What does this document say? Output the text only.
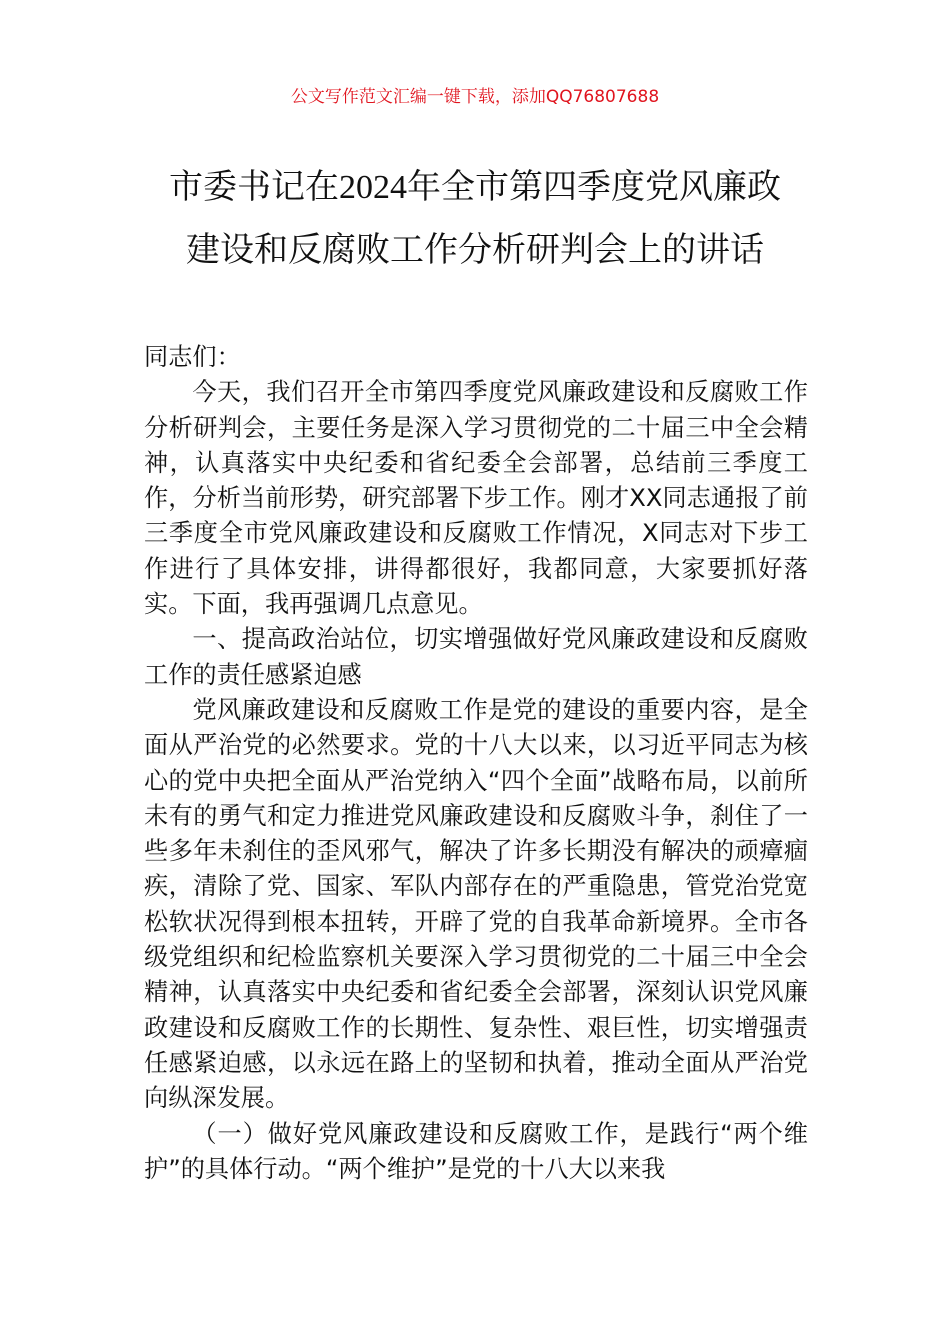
公文写作范文汇编一键下载，添加QQ76807688
市委书记在2024年全市第四季度党风廉政
建设和反腐败工作分析研判会上的讲话

同志们：

今天，我们召开全市第四季度党风廉政建设和反腐败工作分析研判会，主要任务是深入学习贯彻党的二十届三中全会精神，认真落实中央纪委和省纪委全会部署，总结前三季度工作，分析当前形势，研究部署下步工作。刚才XX同志通报了前三季度全市党风廉政建设和反腐败工作情况，X同志对下步工作进行了具体安排，讲得都很好，我都同意，大家要抓好落实。下面，我再强调几点意见。

一、提高政治站位，切实增强做好党风廉政建设和反腐败工作的责任感紧迫感

党风廉政建设和反腐败工作是党的建设的重要内容，是全面从严治党的必然要求。党的十八大以来，以习近平同志为核心的党中央把全面从严治党纳入“四个全面”战略布局，以前所未有的勇气和定力推进党风廉政建设和反腐败斗争，刹住了一些多年未刹住的歪风邪气，解决了许多长期没有解决的顽瘴痼疾，清除了党、国家、军队内部存在的严重隐患，管党治党宽松软状况得到根本扭转，开辟了党的自我革命新境界。全市各级党组织和纪检监察机关要深入学习贯彻党的二十届三中全会精神，认真落实中央纪委和省纪委全会部署，深刻认识党风廉政建设和反腐败工作的长期性、复杂性、艰巨性，切实增强责任感紧迫感，以永远在路上的坚韧和执着，推动全面从严治党向纵深发展。

（一）做好党风廉政建设和反腐败工作，是践行“两个维护”的具体行动。“两个维护”是党的十八大以来我
